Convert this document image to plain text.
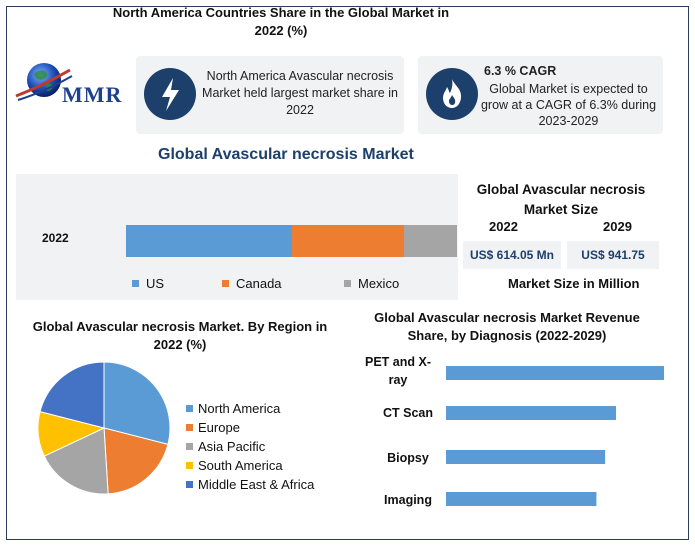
MMR
North America Avascular necrosis Market held largest market share in 2022
6.3 % CAGR
Global Market is expected to grow at a CAGR of 6.3% during 2023-2029
Global Avascular necrosis Market
North America Countries Share in the Global Market in 2022 (%)
2022
US	Canada	Mexico
Global Avascular necrosis Market Size
2022	2029
US$ 614.05 Mn	US$ 941.75
Market Size in Million
Global Avascular necrosis Market. By Region in 2022 (%)
North America
Europe
Asia Pacific
South America
Middle East & Africa
Global Avascular necrosis Market Revenue Share, by Diagnosis (2022-2029)
PET and X-ray
CT Scan
Biopsy
Imaging
